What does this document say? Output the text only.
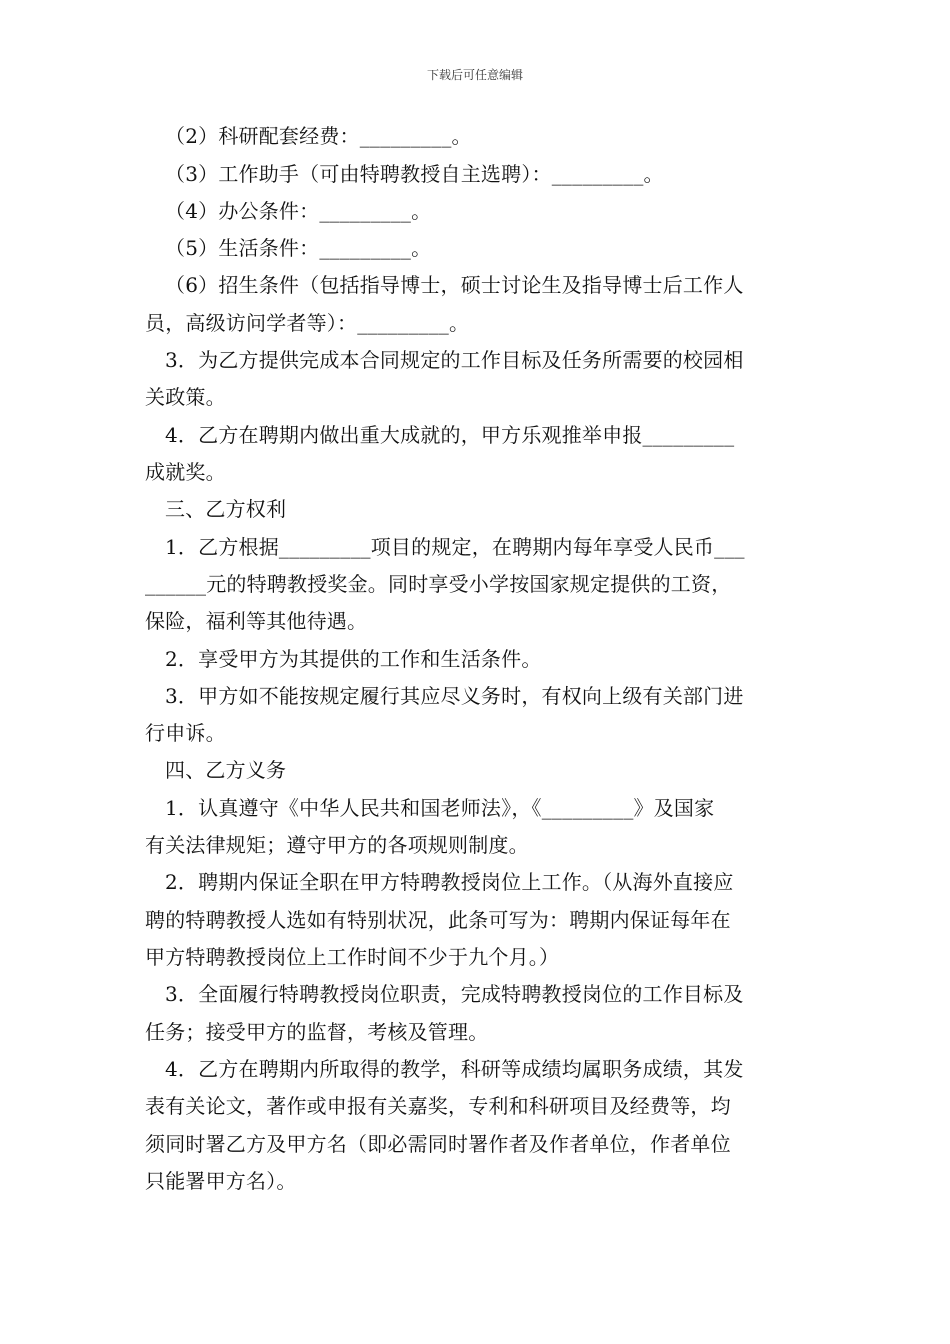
下载后可任意编辑
（2）科研配套经费：_________。
（3）工作助手（可由特聘教授自主选聘）：_________。
（4）办公条件：_________。
（5）生活条件：_________。
（6）招生条件（包括指导博士，硕士讨论生及指导博士后工作人
员，高级访问学者等）：_________。
3．为乙方提供完成本合同规定的工作目标及任务所需要的校园相
关政策。
4．乙方在聘期内做出重大成就的，甲方乐观推举申报_________
成就奖。
三、乙方权利
1．乙方根据_________项目的规定，在聘期内每年享受人民币___
______元的特聘教授奖金。同时享受小学按国家规定提供的工资，
保险，福利等其他待遇。
2．享受甲方为其提供的工作和生活条件。
3．甲方如不能按规定履行其应尽义务时，有权向上级有关部门进
行申诉。
四、乙方义务
1．认真遵守《中华人民共和国老师法》，《_________》及国家
有关法律规矩；遵守甲方的各项规则制度。
2．聘期内保证全职在甲方特聘教授岗位上工作。（从海外直接应
聘的特聘教授人选如有特别状况，此条可写为：聘期内保证每年在
甲方特聘教授岗位上工作时间不少于九个月。）
3．全面履行特聘教授岗位职责，完成特聘教授岗位的工作目标及
任务；接受甲方的监督，考核及管理。
4．乙方在聘期内所取得的教学，科研等成绩均属职务成绩，其发
表有关论文，著作或申报有关嘉奖，专利和科研项目及经费等，均
须同时署乙方及甲方名（即必需同时署作者及作者单位，作者单位
只能署甲方名）。
